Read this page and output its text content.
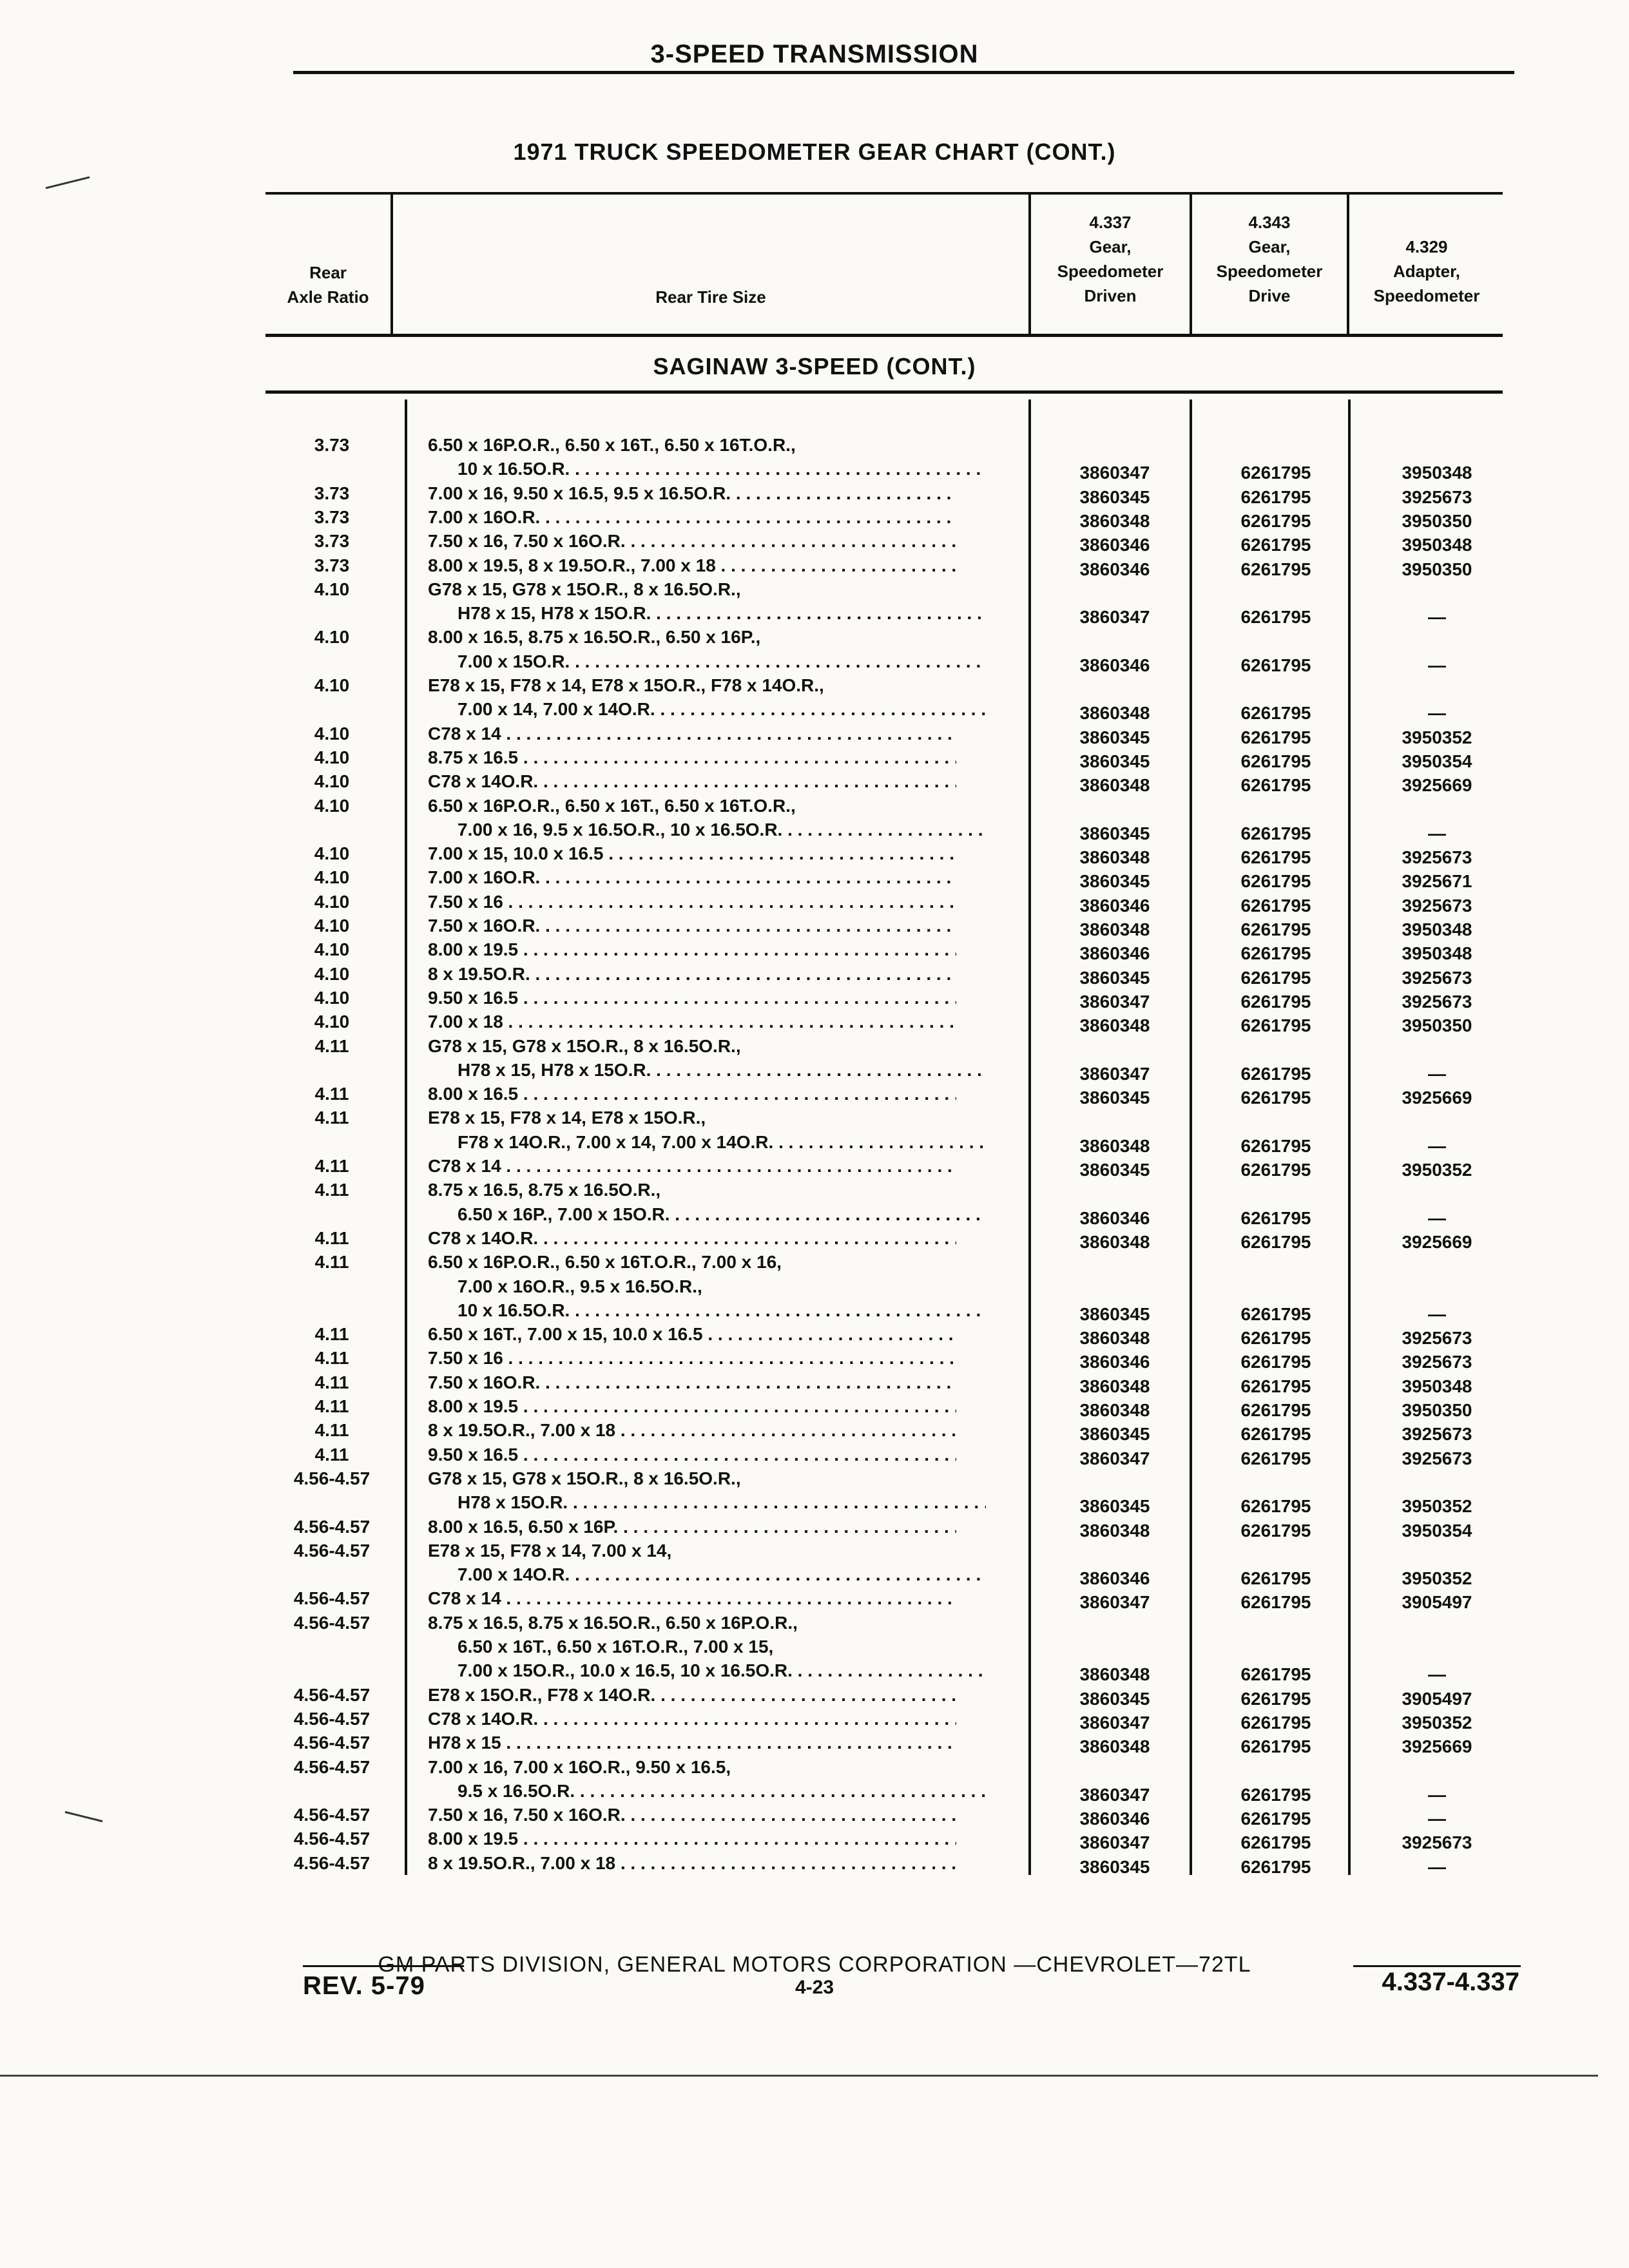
3-SPEED TRANSMISSION
1971 TRUCK SPEEDOMETER GEAR CHART (CONT.)
Rear
Axle Ratio	Rear Tire Size
4.337
Gear,
Speedometer
Driven
4.343
Gear,
Speedometer
Drive
4.329
Adapter,
Speedometer
SAGINAW 3-SPEED (CONT.)
3.73	6.50 x 16P.O.R., 6.50 x 16T., 6.50 x 16T.O.R.,
10 x 16.5O.R. . . .	3860347	6261795	3950348
3.73	7.00 x 16, 9.50 x 16.5, 9.5 x 16.5O.R. . . .	3860345	6261795	3925673
3.73	7.00 x 16O.R. . . .	3860348	6261795	3950350
3.73	7.50 x 16, 7.50 x 16O.R. . . .	3860346	6261795	3950348
3.73	8.00 x 19.5, 8 x 19.5O.R., 7.00 x 18 . . .	3860346	6261795	3950350
4.10	G78 x 15, G78 x 15O.R., 8 x 16.5O.R.,
H78 x 15, H78 x 15O.R. . . .	3860347	6261795	—
4.10	8.00 x 16.5, 8.75 x 16.5O.R., 6.50 x 16P.,
7.00 x 15O.R. . . .	3860346	6261795	—
4.10	E78 x 15, F78 x 14, E78 x 15O.R., F78 x 14O.R.,
7.00 x 14, 7.00 x 14O.R. . . .	3860348	6261795	—
4.10	C78 x 14 . . .	3860345	6261795	3950352
4.10	8.75 x 16.5 . . .	3860345	6261795	3950354
4.10	C78 x 14O.R. . . .	3860348	6261795	3925669
4.10	6.50 x 16P.O.R., 6.50 x 16T., 6.50 x 16T.O.R.,
7.00 x 16, 9.5 x 16.5O.R., 10 x 16.5O.R. . . .	3860345	6261795	—
4.10	7.00 x 15, 10.0 x 16.5 . . .	3860348	6261795	3925673
4.10	7.00 x 16O.R. . . .	3860345	6261795	3925671
4.10	7.50 x 16 . . .	3860346	6261795	3925673
4.10	7.50 x 16O.R. . . .	3860348	6261795	3950348
4.10	8.00 x 19.5 . . .	3860346	6261795	3950348
4.10	8 x 19.5O.R. . . .	3860345	6261795	3925673
4.10	9.50 x 16.5 . . .	3860347	6261795	3925673
4.10	7.00 x 18 . . .	3860348	6261795	3950350
4.11	G78 x 15, G78 x 15O.R., 8 x 16.5O.R.,
H78 x 15, H78 x 15O.R. . . .	3860347	6261795	—
4.11	8.00 x 16.5 . . .	3860345	6261795	3925669
4.11	E78 x 15, F78 x 14, E78 x 15O.R.,
F78 x 14O.R., 7.00 x 14, 7.00 x 14O.R. . . .	3860348	6261795	—
4.11	C78 x 14 . . .	3860345	6261795	3950352
4.11	8.75 x 16.5, 8.75 x 16.5O.R.,
6.50 x 16P., 7.00 x 15O.R. . . .	3860346	6261795	—
4.11	C78 x 14O.R. . . .	3860348	6261795	3925669
4.11	6.50 x 16P.O.R., 6.50 x 16T.O.R., 7.00 x 16,
7.00 x 16O.R., 9.5 x 16.5O.R.,
10 x 16.5O.R. . . .	3860345	6261795	—
4.11	6.50 x 16T., 7.00 x 15, 10.0 x 16.5 . . .	3860348	6261795	3925673
4.11	7.50 x 16 . . .	3860346	6261795	3925673
4.11	7.50 x 16O.R. . . .	3860348	6261795	3950348
4.11	8.00 x 19.5 . . .	3860348	6261795	3950350
4.11	8 x 19.5O.R., 7.00 x 18 . . .	3860345	6261795	3925673
4.11	9.50 x 16.5 . . .	3860347	6261795	3925673
4.56-4.57	G78 x 15, G78 x 15O.R., 8 x 16.5O.R.,
H78 x 15O.R. . . .	3860345	6261795	3950352
4.56-4.57	8.00 x 16.5, 6.50 x 16P. . . .	3860348	6261795	3950354
4.56-4.57	E78 x 15, F78 x 14, 7.00 x 14,
7.00 x 14O.R. . . .	3860346	6261795	3950352
4.56-4.57	C78 x 14 . . .	3860347	6261795	3905497
4.56-4.57	8.75 x 16.5, 8.75 x 16.5O.R., 6.50 x 16P.O.R.,
6.50 x 16T., 6.50 x 16T.O.R., 7.00 x 15,
7.00 x 15O.R., 10.0 x 16.5, 10 x 16.5O.R. . . .	3860348	6261795	—
4.56-4.57	E78 x 15O.R., F78 x 14O.R. . . .	3860345	6261795	3905497
4.56-4.57	C78 x 14O.R. . . .	3860347	6261795	3950352
4.56-4.57	H78 x 15 . . .	3860348	6261795	3925669
4.56-4.57	7.00 x 16, 7.00 x 16O.R., 9.50 x 16.5,
9.5 x 16.5O.R. . . .	3860347	6261795	—
4.56-4.57	7.50 x 16, 7.50 x 16O.R. . . .	3860346	6261795	—
4.56-4.57	8.00 x 19.5 . . .	3860347	6261795	3925673
4.56-4.57	8 x 19.5O.R., 7.00 x 18 . . .	3860345	6261795	—
GM PARTS DIVISION, GENERAL MOTORS CORPORATION —CHEVROLET—72TL
REV. 5-79	4-23	4.337-4.337
